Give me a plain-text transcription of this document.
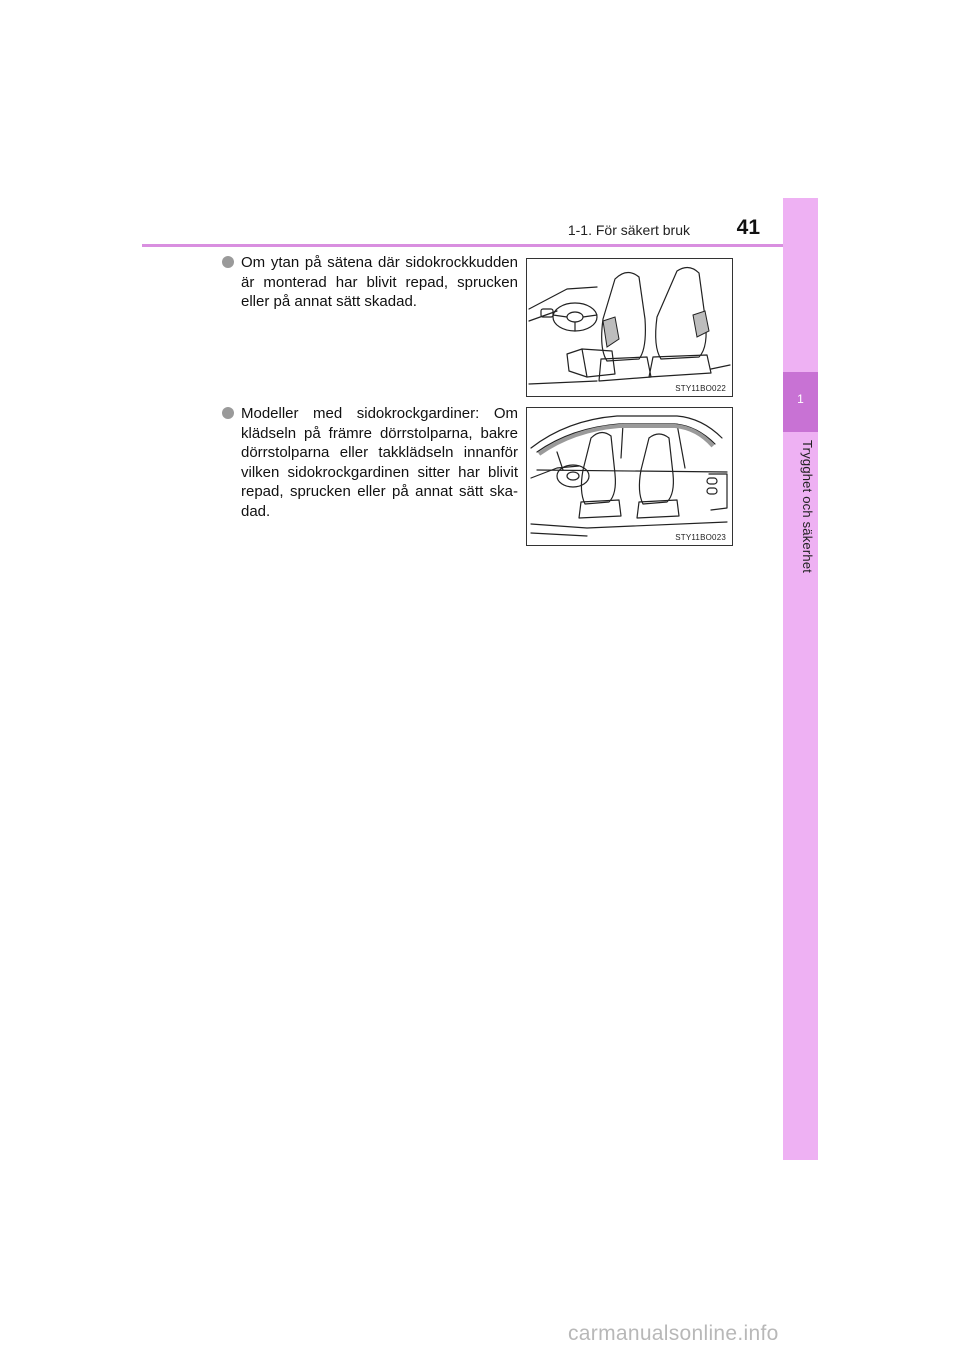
1-1. För säkert bruk	41
1
Trygghet och säkerhet
Om ytan på sätena där sidokrockkudden är monterad har blivit repad, sprucken eller på annat sätt skadad.
Modeller med sidokrockgardiner: Om klädseln på främre dörrstolparna, bakre dörrstolparna eller takklädseln innanför vilken sidokrockgardinen sitter har blivit repad, sprucken eller på annat sätt ska-dad.
STY11BO022
STY11BO023
carmanualsonline.info
